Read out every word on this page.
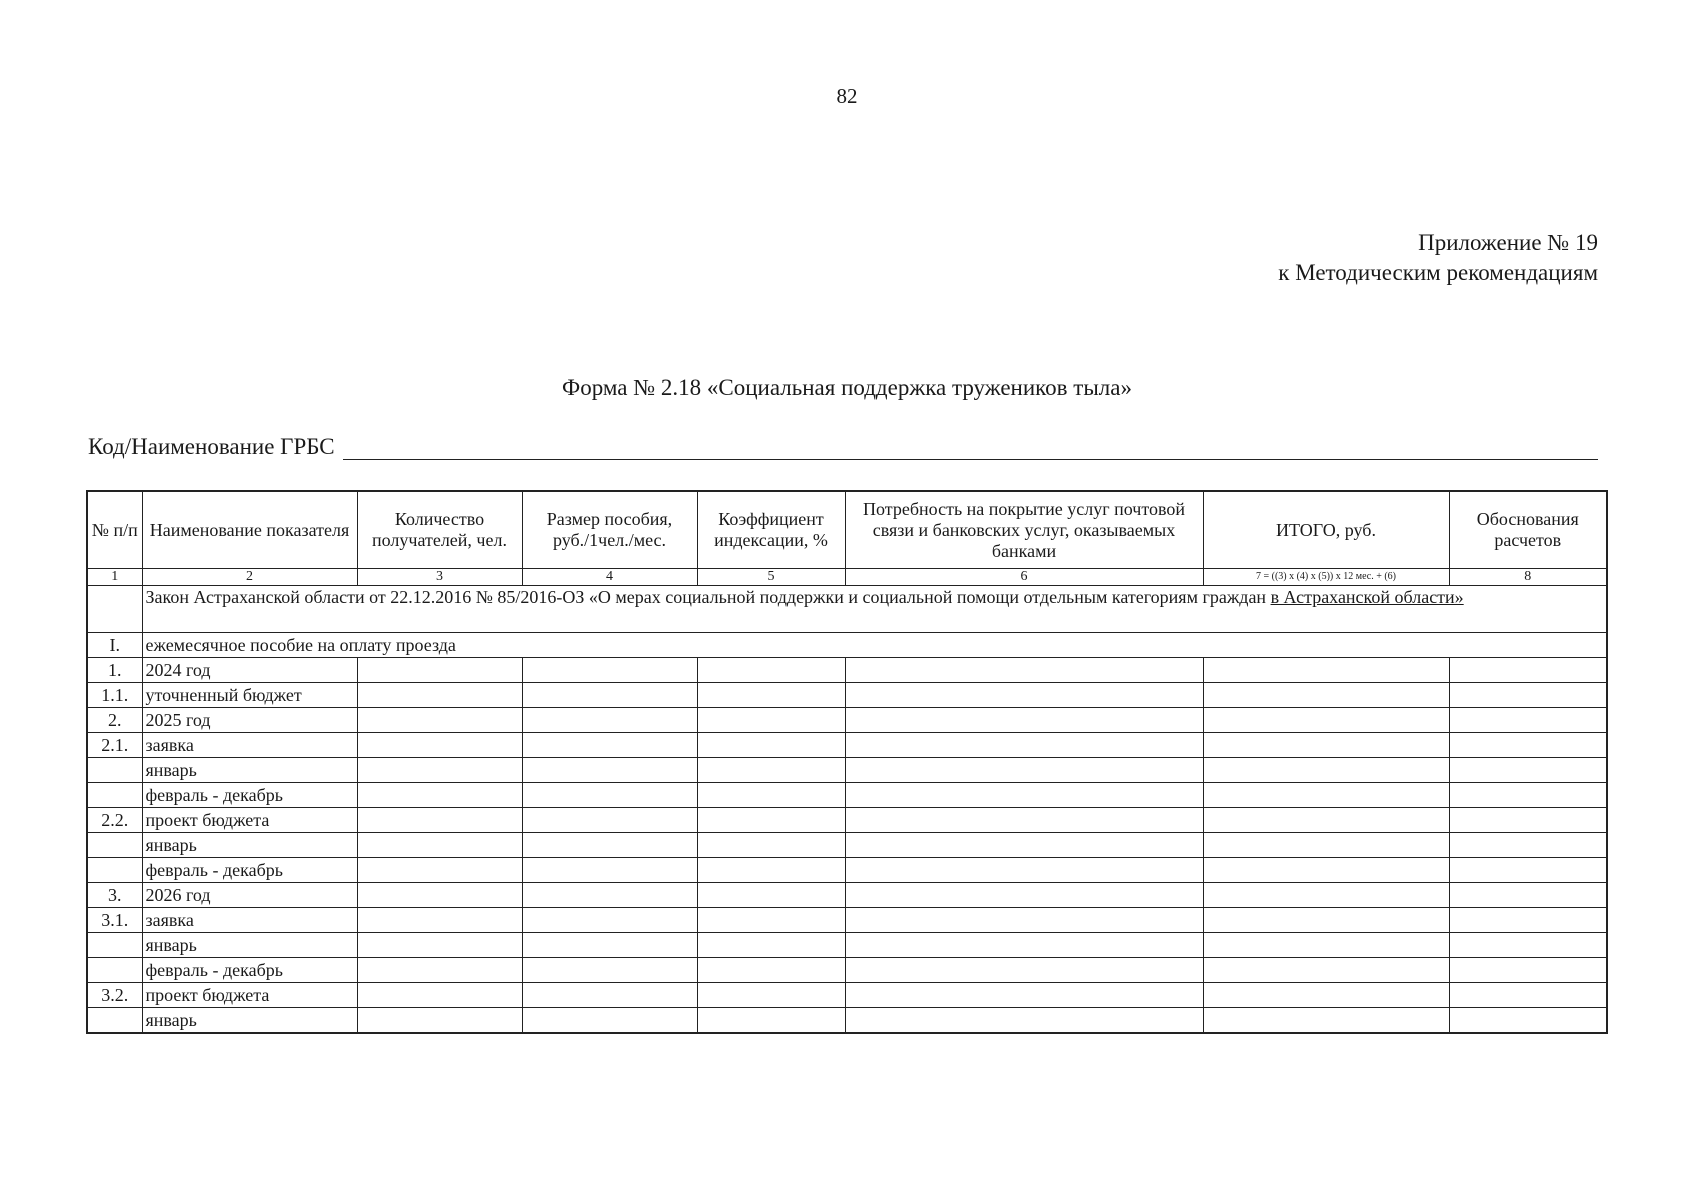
82
Приложение № 19
к Методическим рекомендациям
Форма № 2.18 «Социальная поддержка тружеников тыла»
Код/Наименование ГРБС
№ п/п	Наименование показателя	Количество получателей, чел.	Размер пособия, руб./1чел./мес.	Коэффициент индексации, %	Потребность на покрытие услуг почтовой связи и банковских услуг, оказываемых банками	ИТОГО, руб.	Обоснования расчетов
1	2	3	4	5	6	7 = ((3) x (4) x (5)) x 12 мес. + (6)	8
	Закон Астраханской области от 22.12.2016 № 85/2016-ОЗ «О мерах социальной поддержки и социальной помощи отдельным категориям граждан в Астраханской области»						
I.	ежемесячное пособие на оплату проезда						
1.	2024 год						
1.1.	уточненный бюджет						
2.	2025 год						
2.1.	заявка						
	январь						
	февраль - декабрь						
2.2.	проект бюджета						
	январь						
	февраль - декабрь						
3.	2026 год						
3.1.	заявка						
	январь						
	февраль - декабрь						
3.2.	проект бюджета						
	январь						
